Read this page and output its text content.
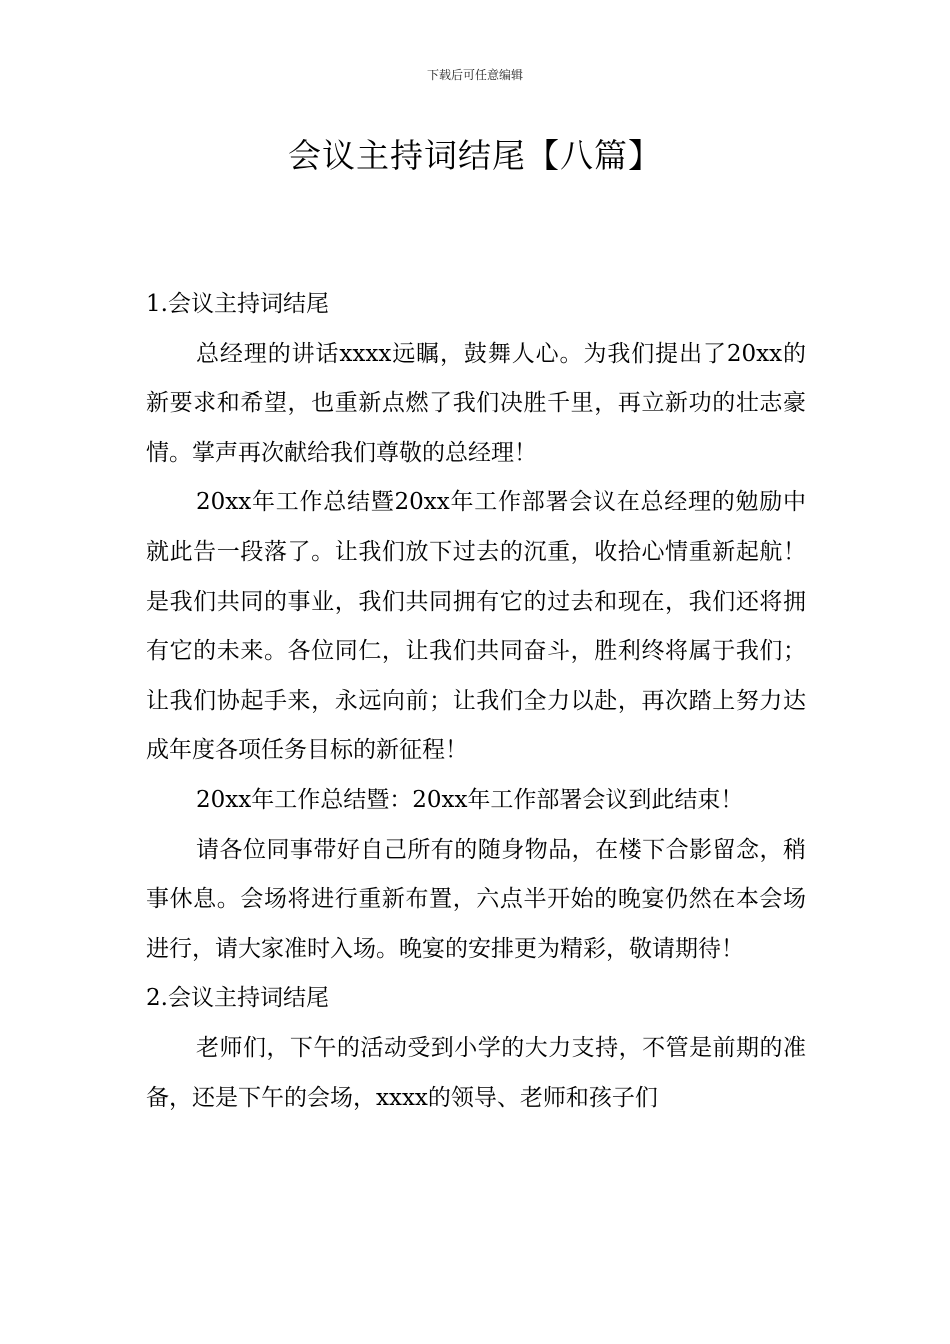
下载后可任意编辑
会议主持词结尾【八篇】
1.会议主持词结尾

总经理的讲话xxxx远瞩，鼓舞人心。为我们提出了20xx的新要求和希望，也重新点燃了我们决胜千里，再立新功的壮志豪情。掌声再次献给我们尊敬的总经理！

20xx年工作总结暨20xx年工作部署会议在总经理的勉励中就此告一段落了。让我们放下过去的沉重，收拾心情重新起航！是我们共同的事业，我们共同拥有它的过去和现在，我们还将拥有它的未来。各位同仁，让我们共同奋斗，胜利终将属于我们；让我们协起手来，永远向前；让我们全力以赴，再次踏上努力达成年度各项任务目标的新征程！

20xx年工作总结暨：20xx年工作部署会议到此结束！

请各位同事带好自己所有的随身物品，在楼下合影留念，稍事休息。会场将进行重新布置，六点半开始的晚宴仍然在本会场进行，请大家准时入场。晚宴的安排更为精彩，敬请期待！

2.会议主持词结尾

老师们，下午的活动受到小学的大力支持，不管是前期的准备，还是下午的会场，xxxx的领导、老师和孩子们
